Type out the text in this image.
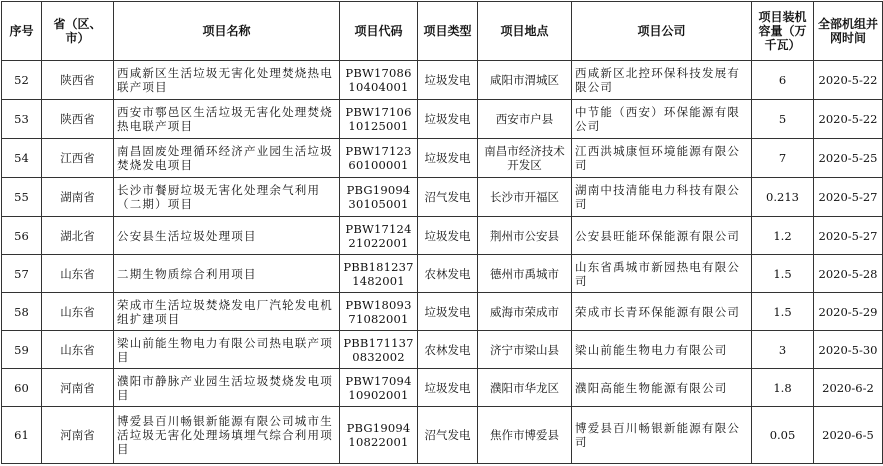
序号	省（区、市）	项目名称	项目代码	项目类型	项目地点	项目公司	项目装机容量（万千瓦）	全部机组并网时间
52	陕西省	西咸新区生活垃圾无害化处理焚烧热电联产项目	PBW1708610404001	垃圾发电	咸阳市渭城区	西咸新区北控环保科技发展有限公司	6	2020-5-22
53	陕西省	西安市鄠邑区生活垃圾无害化处理焚烧热电联产项目	PBW1710610125001	垃圾发电	西安市户县	中节能（西安）环保能源有限公司	5	2020-5-22
54	江西省	南昌固废处理循环经济产业园生活垃圾焚烧发电项目	PBW1712360100001	垃圾发电	南昌市经济技术开发区	江西洪城康恒环境能源有限公司	7	2020-5-25
55	湖南省	长沙市餐厨垃圾无害化处理余气利用（二期）项目	PBG1909430105001	沼气发电	长沙市开福区	湖南中技清能电力科技有限公司	0.213	2020-5-27
56	湖北省	公安县生活垃圾处理项目	PBW1712421022001	垃圾发电	荆州市公安县	公安县旺能环保能源有限公司	1.2	2020-5-27
57	山东省	二期生物质综合利用项目	PBB1812371482001	农林发电	德州市禹城市	山东省禹城市新园热电有限公司	1.5	2020-5-28
58	山东省	荣成市生活垃圾焚烧发电厂汽轮发电机组扩建项目	PBW1809371082001	垃圾发电	威海市荣成市	荣成市长青环保能源有限公司	1.5	2020-5-29
59	山东省	梁山前能生物电力有限公司热电联产项目	PBB1711370832002	农林发电	济宁市梁山县	梁山前能生物电力有限公司	3	2020-5-30
60	河南省	濮阳市静脉产业园生活垃圾焚烧发电项目	PBW1709410902001	垃圾发电	濮阳市华龙区	濮阳高能生物能源有限公司	1.8	2020-6-2
61	河南省	博爱县百川畅银新能源有限公司城市生活垃圾无害化处理场填埋气综合利用项目	PBG1909410822001	沼气发电	焦作市博爱县	博爱县百川畅银新能源有限公司	0.05	2020-6-5
